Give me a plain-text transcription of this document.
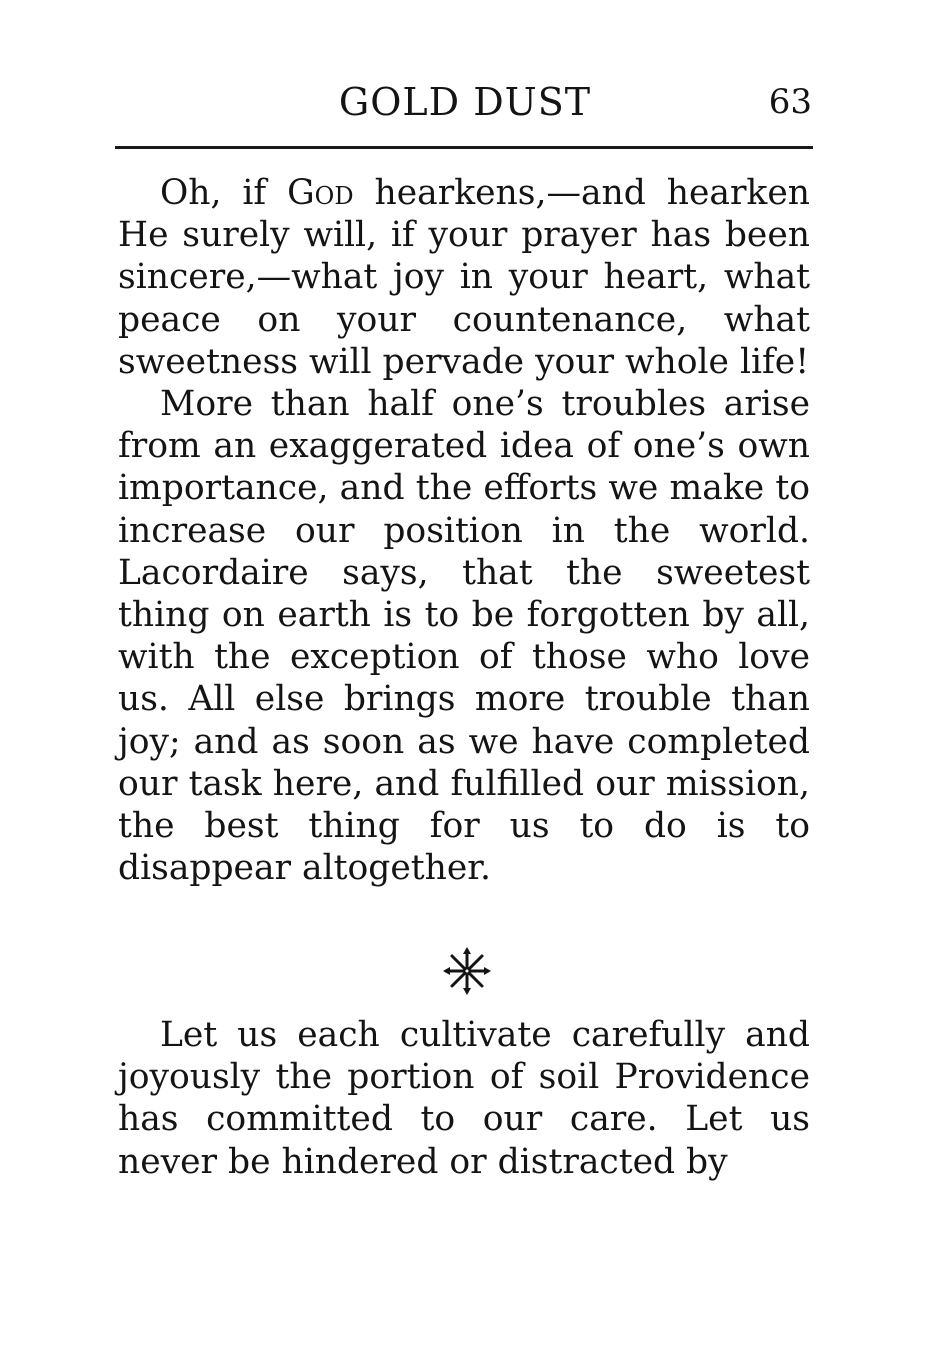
GOLD DUST	63

Oh, if God hearkens,—and hearken He surely will, if your prayer has been sincere,—what joy in your heart, what peace on your countenance, what sweetness will pervade your whole life!

More than half one’s troubles arise from an exaggerated idea of one’s own importance, and the efforts we make to increase our position in the world. Lacordaire says, that the sweetest thing on earth is to be forgotten by all, with the exception of those who love us. All else brings more trouble than joy; and as soon as we have completed our task here, and fulfilled our mission, the best thing for us to do is to disappear altogether.

Let us each cultivate carefully and joyously the portion of soil Providence has committed to our care. Let us never be hindered or distracted by
